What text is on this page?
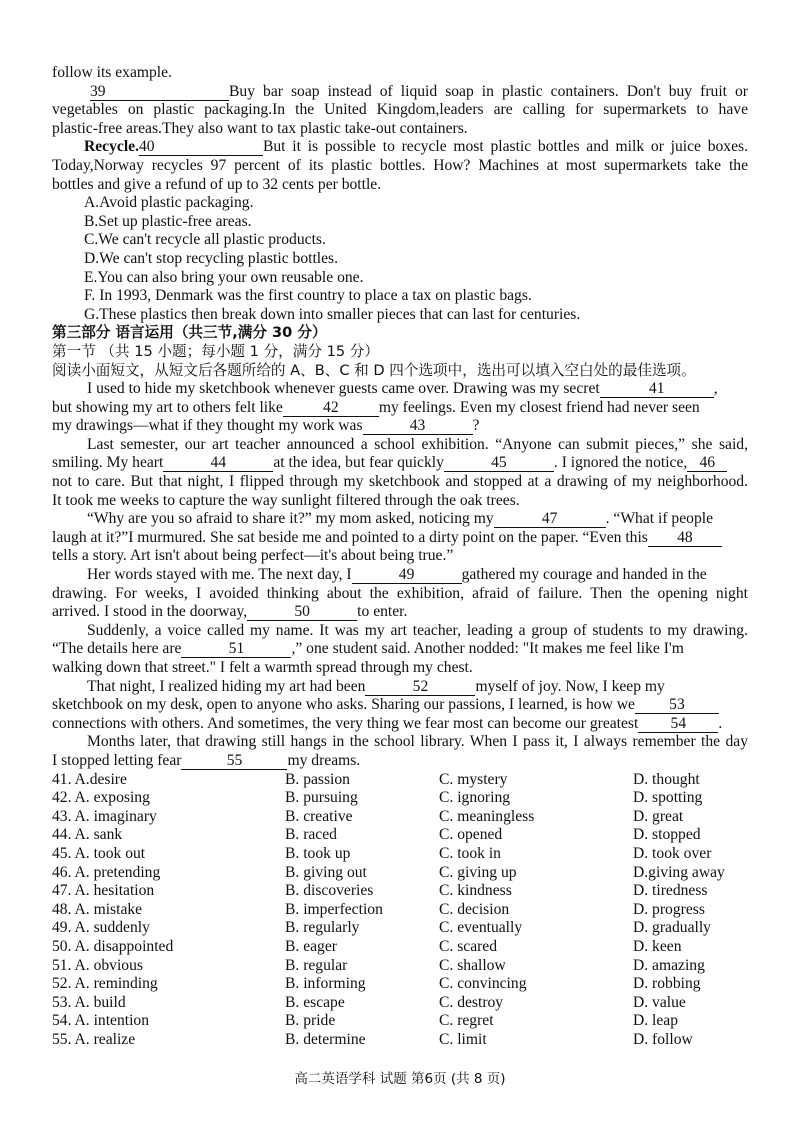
follow its example.
39	Buy bar soap instead of liquid soap in plastic containers. Don't buy fruit or
vegetables on plastic packaging.In the United Kingdom,leaders are calling for supermarkets to have
plastic-free areas.They also want to tax plastic take-out containers.
Recycle.40	But it is possible to recycle most plastic bottles and milk or juice boxes.
Today,Norway recycles 97 percent of its plastic bottles. How? Machines at most supermarkets take the
bottles and give a refund of up to 32 cents per bottle.
A.Avoid plastic packaging.
B.Set up plastic-free areas.
C.We can't recycle all plastic products.
D.We can't stop recycling plastic bottles.
E.You can also bring your own reusable one.
F. In 1993, Denmark was the first country to place a tax on plastic bags.
G.These plastics then break down into smaller pieces that can last for centuries.
第三部分 语言运用（共三节,满分 30 分）
第一节 （共 15 小题；每小题 1 分，满分 15 分）
阅读小面短文，从短文后各题所给的 A、B、C 和 D 四个选项中，选出可以填入空白处的最佳选项。
I used to hide my sketchbook whenever guests came over. Drawing was my secret	41	,
but showing my art to others felt like	42	my feelings. Even my closest friend had never seen
my drawings—what if they thought my work was	43	?
Last semester, our art teacher announced a school exhibition. “Anyone can submit pieces,” she said,
smiling. My heart	44	at the idea, but fear quickly	45	. I ignored the notice, 46
not to care. But that night, I flipped through my sketchbook and stopped at a drawing of my neighborhood.
It took me weeks to capture the way sunlight filtered through the oak trees.
“Why are you so afraid to share it?” my mom asked, noticing my	47	. “What if people
laugh at it?”I murmured. She sat beside me and pointed to a dirty point on the paper. “Even this 48
tells a story. Art isn't about being perfect—it's about being true.”
Her words stayed with me. The next day, I	49	gathered my courage and handed in the
drawing. For weeks, I avoided thinking about the exhibition, afraid of failure. Then the opening night
arrived. I stood in the doorway,	50	to enter.
Suddenly, a voice called my name. It was my art teacher, leading a group of students to my drawing.
“The details here are	51	,” one student said. Another nodded: "It makes me feel like I'm
walking down that street." I felt a warmth spread through my chest.
That night, I realized hiding my art had been	52	myself of joy. Now, I keep my
sketchbook on my desk, open to anyone who asks. Sharing our passions, I learned, is how we 53
connections with others. And sometimes, the very thing we fear most can become our greatest 54 .
Months later, that drawing still hangs in the school library. When I pass it, I always remember the day
I stopped letting fear	55	my dreams.
41. A.desire	B. passion	C. mystery	D. thought
42. A. exposing	B. pursuing	C. ignoring	D. spotting
43. A. imaginary	B. creative	C. meaningless	D. great
44. A. sank	B. raced	C. opened	D. stopped
45. A. took out	B. took up	C. took in	D. took over
46. A. pretending	B. giving out	C. giving up	D.giving away
47. A. hesitation	B. discoveries	C. kindness	D. tiredness
48. A. mistake	B. imperfection	C. decision	D. progress
49. A. suddenly	B. regularly	C. eventually	D. gradually
50. A. disappointed	B. eager	C. scared	D. keen
51. A. obvious	B. regular	C. shallow	D. amazing
52. A. reminding	B. informing	C. convincing	D. robbing
53. A. build	B. escape	C. destroy	D. value
54. A. intention	B. pride	C. regret	D. leap
55. A. realize	B. determine	C. limit	D. follow
高二英语学科 试题 第6页 (共 8 页)
